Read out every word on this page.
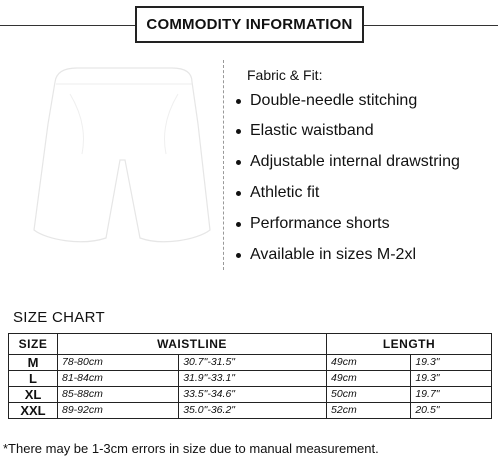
COMMODITY INFORMATION
Fabric & Fit:
Double-needle stitching
Elastic waistband
Adjustable internal drawstring
Athletic fit
Performance shorts
Available in sizes M-2xl
SIZE CHART
SIZE	WAISTLINE		LENGTH	
M	78-80cm	30.7"-31.5"	49cm	19.3"
L	81-84cm	31.9"-33.1"	49cm	19.3"
XL	85-88cm	33.5"-34.6"	50cm	19.7"
XXL	89-92cm	35.0"-36.2"	52cm	20.5"
*There may be 1-3cm errors in size due to manual measurement.
